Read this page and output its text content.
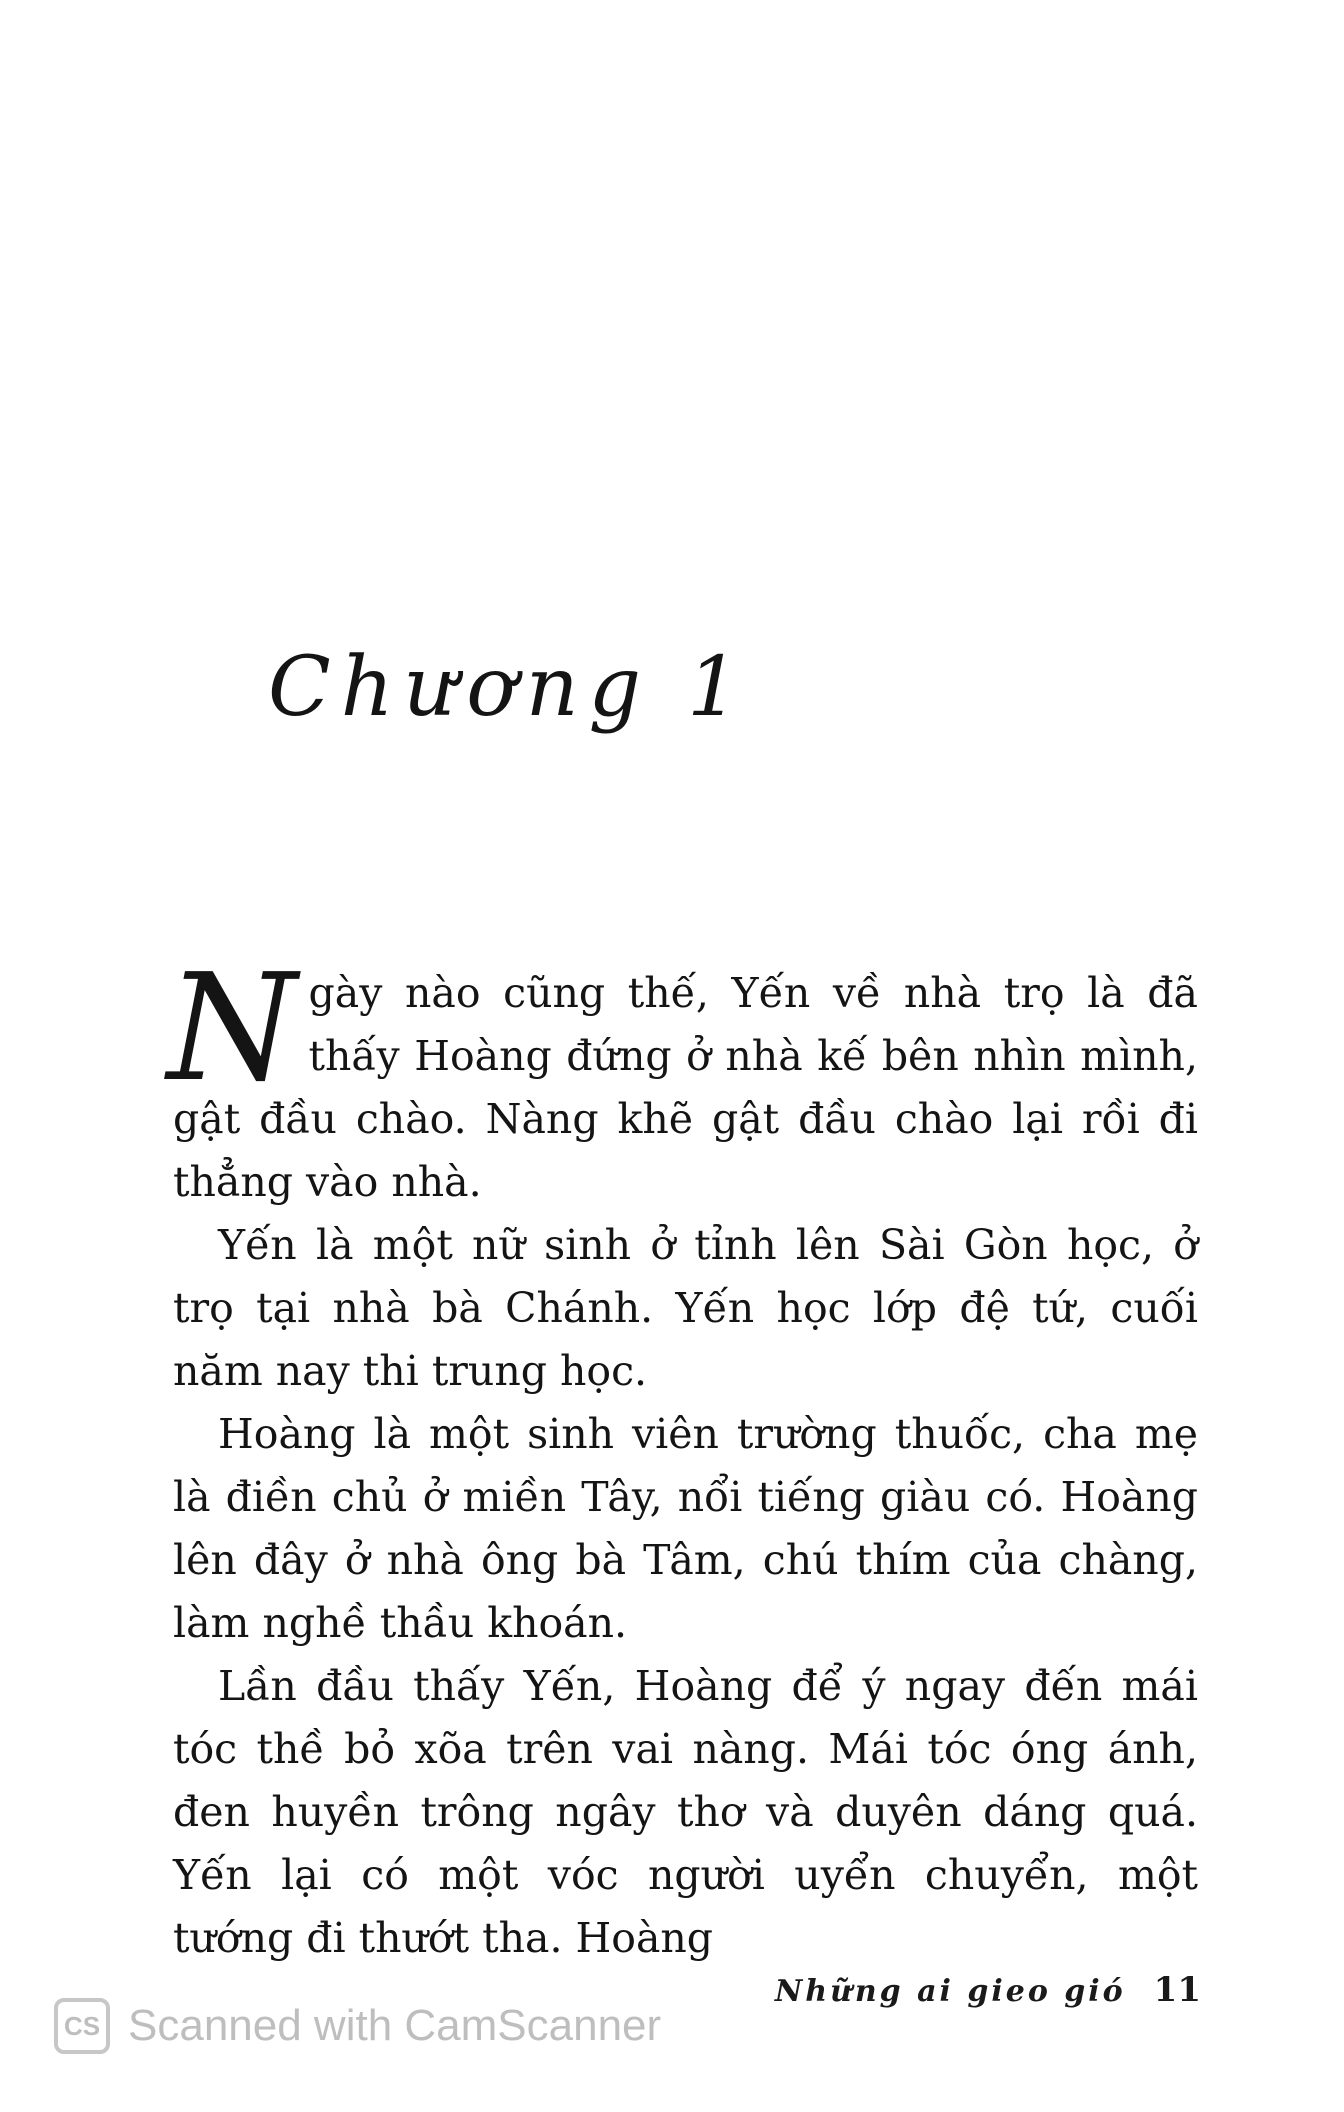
Chương 1

Ngày nào cũng thế, Yến về nhà trọ là đã thấy Hoàng đứng ở nhà kế bên nhìn mình, gật đầu chào. Nàng khẽ gật đầu chào lại rồi đi thẳng vào nhà.

Yến là một nữ sinh ở tỉnh lên Sài Gòn học, ở trọ tại nhà bà Chánh. Yến học lớp đệ tứ, cuối năm nay thi trung học.

Hoàng là một sinh viên trường thuốc, cha mẹ là điền chủ ở miền Tây, nổi tiếng giàu có. Hoàng lên đây ở nhà ông bà Tâm, chú thím của chàng, làm nghề thầu khoán.

Lần đầu thấy Yến, Hoàng để ý ngay đến mái tóc thề bỏ xõa trên vai nàng. Mái tóc óng ánh, đen huyền trông ngây thơ và duyên dáng quá. Yến lại có một vóc người uyển chuyển, một tướng đi thướt tha. Hoàng

Những ai gieo gió 11
CS Scanned with CamScanner
